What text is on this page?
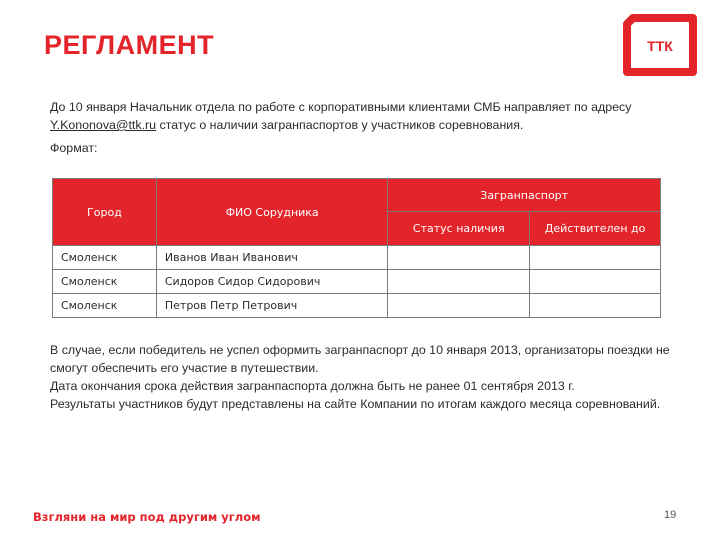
РЕГЛАМЕНТ	ТТК
До 10 января Начальник отдела по работе с корпоративными клиентами СМБ направляет по адресу Y.Kononova@ttk.ru статус о наличии загранпаспортов у участников соревнования.
Формат:
Город	ФИО Сорудника	Загранпаспорт	
		Статус наличия	Действителен до
Смоленск	Иванов Иван Иванович		
Смоленск	Сидоров Сидор Сидорович		
Смоленск	Петров Петр Петрович		
В случае, если победитель не успел оформить загранпаспорт до 10 января 2013, организаторы поездки не смогут обеспечить его участие в путешествии.
Дата окончания срока действия загранпаспорта должна быть не ранее 01 сентября 2013 г.
Результаты участников будут представлены на сайте Компании по итогам каждого месяца соревнований.
Взгляни на мир под другим углом	19
